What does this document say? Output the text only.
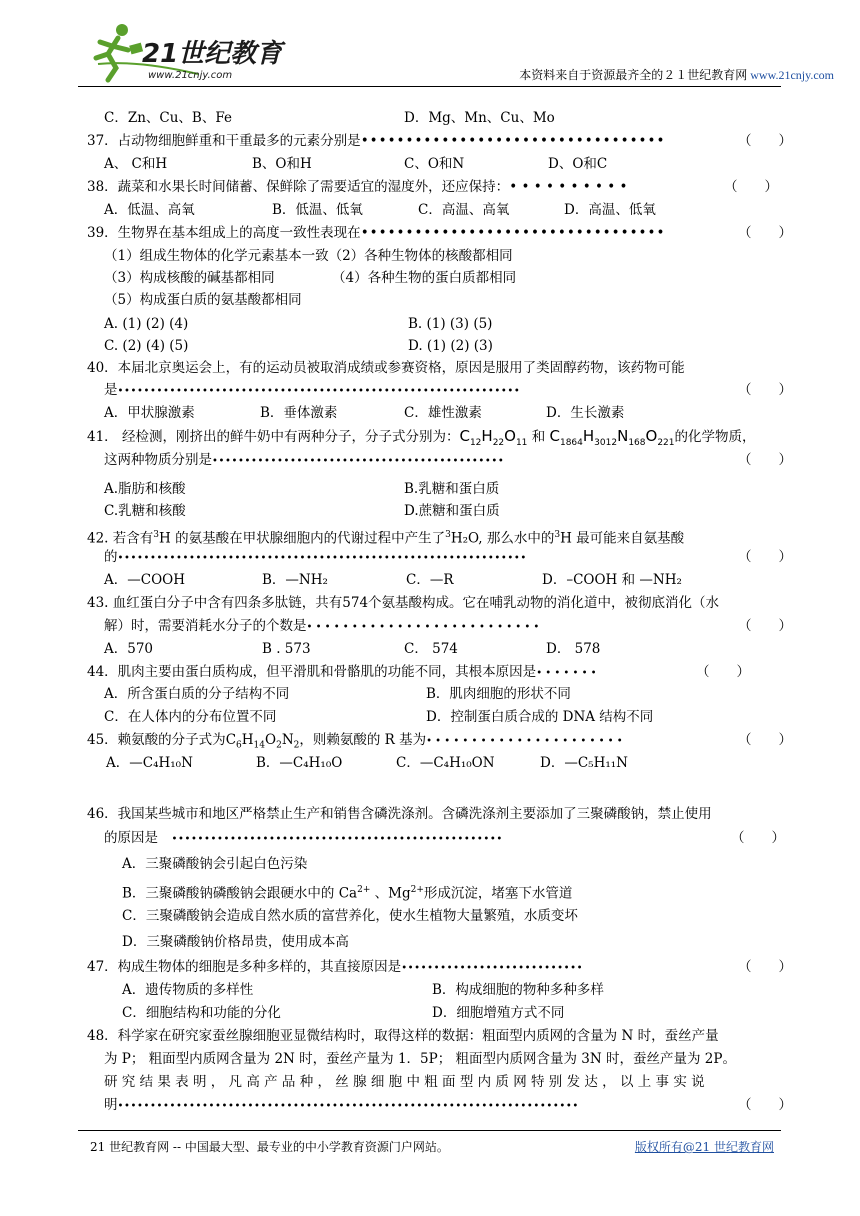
21世纪教育
www.21cnjy.com	本资料来自于资源最齐全的２１世纪教育网 www.21cnjy.com
C．Zn、Cu、B、Fe	D．Mg、Mn、Cu、Mo
37．占动物细胞鲜重和干重最多的元素分别是••••••••••••••••••••••••••••••••••	（　　）
A、 C和H	B、O和H	C、O和N	D、O和C
38．蔬菜和水果长时间储蓄、保鲜除了需要适宜的湿度外，还应保持：• • • • • • • • • •	（　　）
A．低温、高氧	B．低温、低氧	C．高温、高氧	D．高温、低氧
39．生物界在基本组成上的高度一致性表现在••••••••••••••••••••••••••••••••••	（　　）
（1）组成生物体的化学元素基本一致（2）各种生物体的核酸都相同
（3）构成核酸的碱基都相同	（4）各种生物的蛋白质都相同
（5）构成蛋白质的氨基酸都相同
A. (1) (2) (4)	B. (1) (3) (5)
C. (2) (4) (5)	D. (1) (2) (3)
40．本届北京奥运会上，有的运动员被取消成绩或参赛资格，原因是服用了类固醇药物，该药物可能
是••••••••••••••••••••••••••••••••••••••••••••••••••••••••••••••	（　　）
A．甲状腺激素	B．垂体激素	C．雄性激素	D．生长激素
41． 经检测，刚挤出的鲜牛奶中有两种分子，分子式分别为：$C_{12}H_{22}O_{11}$ 和 $C_{1864}H_{3012}N_{168}O_{221}$的化学物质，
这两种物质分别是•••••••••••••••••••••••••••••••••••••••••••••	（　　）
A.脂肪和核酸	B.乳糖和蛋白质
C.乳糖和核酸	D.蔗糖和蛋白质
42. 若含有$^3$H 的氨基酸在甲状腺细胞内的代谢过程中产生了$^3$H₂O, 那么水中的$^3$H 最可能来自氨基酸
的•••••••••••••••••••••••••••••••••••••••••••••••••••••••••••••••	（　　）
A．—COOH	B．—NH₂	C．—R	D．–COOH 和 —NH₂
43. 血红蛋白分子中含有四条多肽链，共有574个氨基酸构成。它在哺乳动物的消化道中，被彻底消化（水
解）时，需要消耗水分子的个数是• • • • • • • • • • • • • • • • • • • • • • • • • •	（　　）
A．570	B . 573	C． 574	D． 578
44．肌肉主要由蛋白质构成，但平滑肌和骨骼肌的功能不同，其根本原因是• • • • • • •	（　　）
A．所含蛋白质的分子结构不同	B．肌肉细胞的形状不同
C．在人体内的分布位置不同	D．控制蛋白质合成的 DNA 结构不同
45．赖氨酸的分子式为$C_6H_{14}O_2N_2$，则赖氨酸的 R 基为• • • • • • • • • • • • • • • • • • • • • •	（　　）
A．—C₄H₁₀N	B．—C₄H₁₀O	C．—C₄H₁₀ON	D．—C₅H₁₁N
46．我国某些城市和地区严格禁止生产和销售含磷洗涤剂。含磷洗涤剂主要添加了三聚磷酸钠，禁止使用
的原因是　 •••••••••••••••••••••••••••••••••••••••••••••••••••	（　　）
A．三聚磷酸钠会引起白色污染
B．三聚磷酸钠磷酸钠会跟硬水中的 $Ca^{2+}$ 、$Mg^{2+}$形成沉淀，堵塞下水管道
C．三聚磷酸钠会造成自然水质的富营养化，使水生植物大量繁殖，水质变坏
D．三聚磷酸钠价格昂贵，使用成本高
47．构成生物体的细胞是多种多样的，其直接原因是••••••••••••••••••••••••••••	（　　）
A．遗传物质的多样性	B．构成细胞的物种多种多样
C．细胞结构和功能的分化	D．细胞增殖方式不同
48．科学家在研究家蚕丝腺细胞亚显微结构时，取得这样的数据：粗面型内质网的含量为 N 时，蚕丝产量
为 P； 粗面型内质网含量为 2N 时，蚕丝产量为 1．5P； 粗面型内质网含量为 3N 时，蚕丝产量为 2P。
研 究 结 果 表 明 ， 凡 高 产 品 种 ， 丝 腺 细 胞 中 粗 面 型 内 质 网 特 别 发 达 ， 以 上 事 实 说
明•••••••••••••••••••••••••••••••••••••••••••••••••••••••••••••••••••••••	（　　）
21 世纪教育网 -- 中国最大型、最专业的中小学教育资源门户网站。	版权所有@21 世纪教育网
